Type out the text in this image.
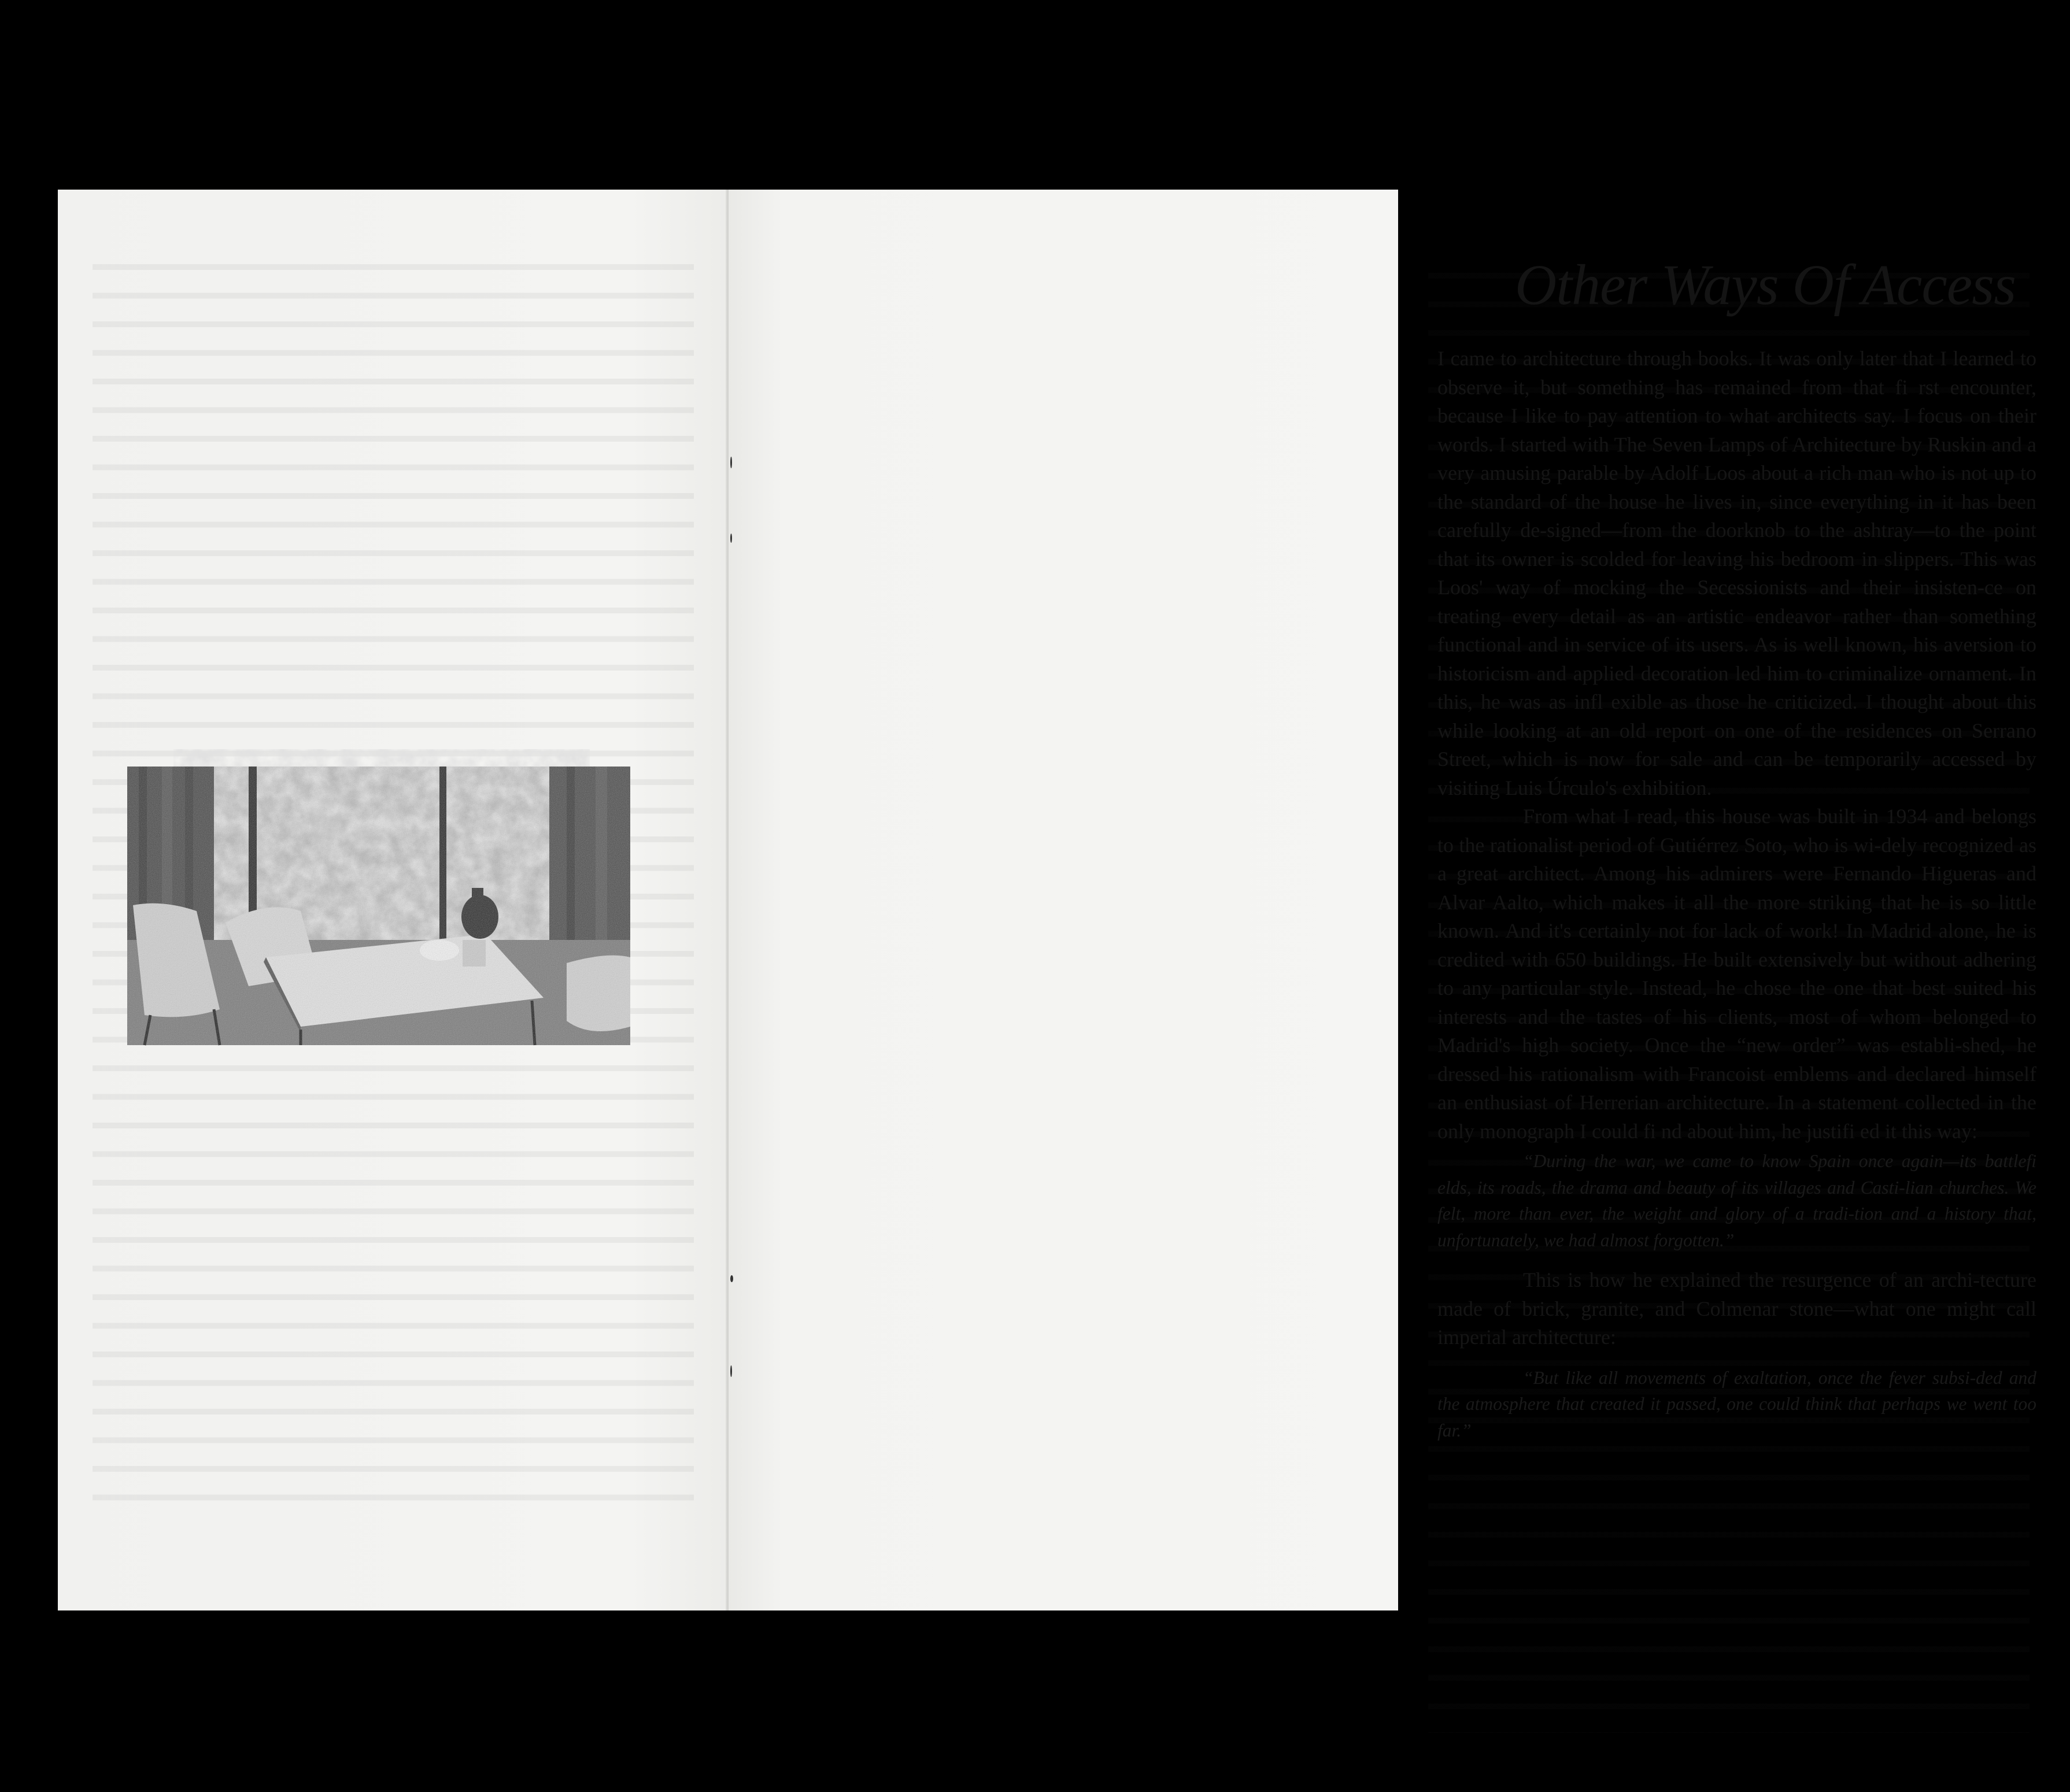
Other Ways Of Access

I came to architecture through books. It was only later that I learned to observe it, but something has remained from that fi rst encounter, because I like to pay attention to what architects say. I focus on their words. I started with The Seven Lamps of Architecture by Ruskin and a very amusing parable by Adolf Loos about a rich man who is not up to the standard of the house he lives in, since everything in it has been carefully de-signed—from the doorknob to the ashtray—to the point that its owner is scolded for leaving his bedroom in slippers. This was Loos' way of mocking the Secessionists and their insisten-ce on treating every detail as an artistic endeavor rather than something functional and in service of its users. As is well known, his aversion to historicism and applied decoration led him to criminalize ornament. In this, he was as infl exible as those he criticized. I thought about this while looking at an old report on one of the residences on Serrano Street, which is now for sale and can be temporarily accessed by visiting Luis Úrculo's exhibition.

From what I read, this house was built in 1934 and belongs to the rationalist period of Gutiérrez Soto, who is wi-dely recognized as a great architect. Among his admirers were Fernando Higueras and Alvar Aalto, which makes it all the more striking that he is so little known. And it's certainly not for lack of work! In Madrid alone, he is credited with 650 buildings. He built extensively but without adhering to any particular style. Instead, he chose the one that best suited his interests and the tastes of his clients, most of whom belonged to Madrid's high society. Once the “new order” was establi-shed, he dressed his rationalism with Francoist emblems and declared himself an enthusiast of Herrerian architecture. In a statement collected in the only monograph I could fi nd about him, he justifi ed it this way:

“During the war, we came to know Spain once again—its battlefi elds, its roads, the drama and beauty of its villages and Casti-lian churches. We felt, more than ever, the weight and glory of a tradi-tion and a history that, unfortunately, we had almost forgotten.”

This is how he explained the resurgence of an archi-tecture made of brick, granite, and Colmenar stone—what one might call imperial architecture:

“But like all movements of exaltation, once the fever subsi-ded and the atmosphere that created it passed, one could think that perhaps we went too far.”
